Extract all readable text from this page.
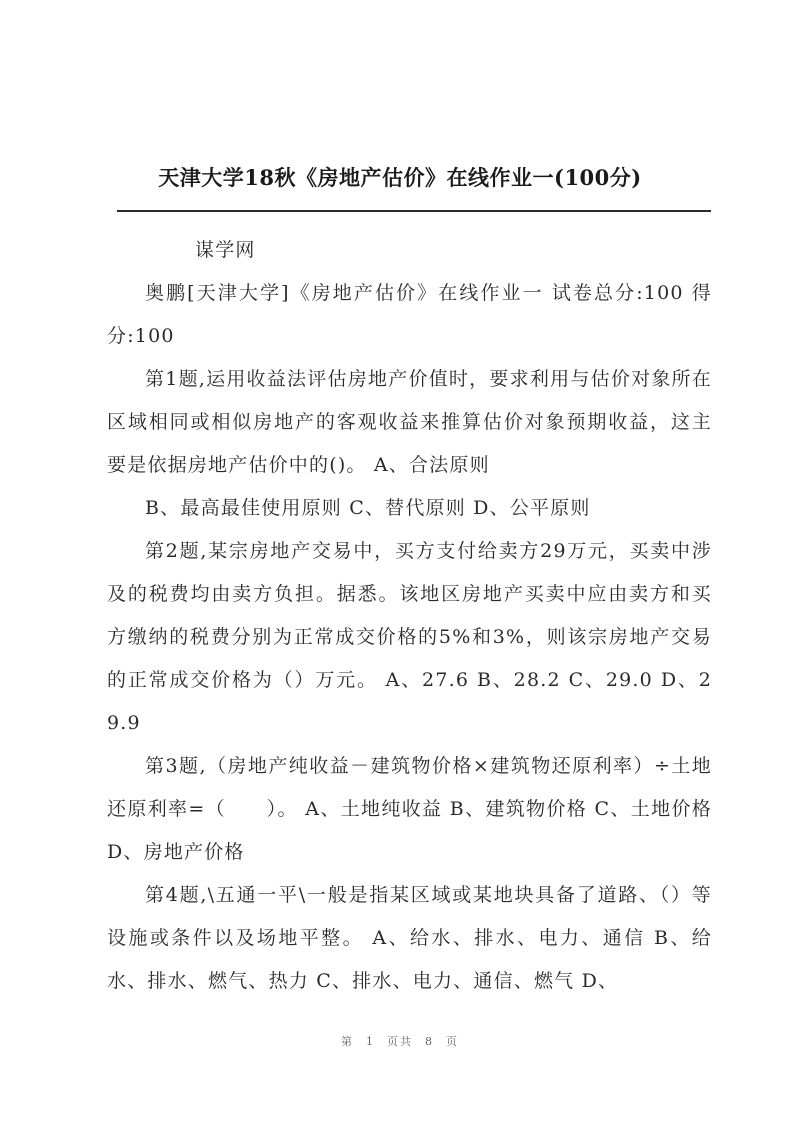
天津大学18秋《房地产估价》在线作业一(100分)

谋学网

奥鹏[天津大学]《房地产估价》在线作业一 试卷总分:100 得分:100

第1题,运用收益法评估房地产价值时，要求利用与估价对象所在区域相同或相似房地产的客观收益来推算估价对象预期收益，这主要是依据房地产估价中的()。 A、合法原则

B、最高最佳使用原则 C、替代原则 D、公平原则

第2题,某宗房地产交易中，买方支付给卖方29万元，买卖中涉及的税费均由卖方负担。据悉。该地区房地产买卖中应由卖方和买方缴纳的税费分别为正常成交价格的5%和3%，则该宗房地产交易的正常成交价格为（）万元。 A、27.6 B、28.2 C、29.0 D、29.9

第3题,（房地产纯收益－建筑物价格×建筑物还原利率）÷土地还原利率=（　　）。 A、土地纯收益 B、建筑物价格 C、土地价格 D、房地产价格

第4题,\五通一平\一般是指某区域或某地块具备了道路、（）等设施或条件以及场地平整。 A、给水、排水、电力、通信 B、给水、排水、燃气、热力 C、排水、电力、通信、燃气 D、

第 1 页共 8 页
